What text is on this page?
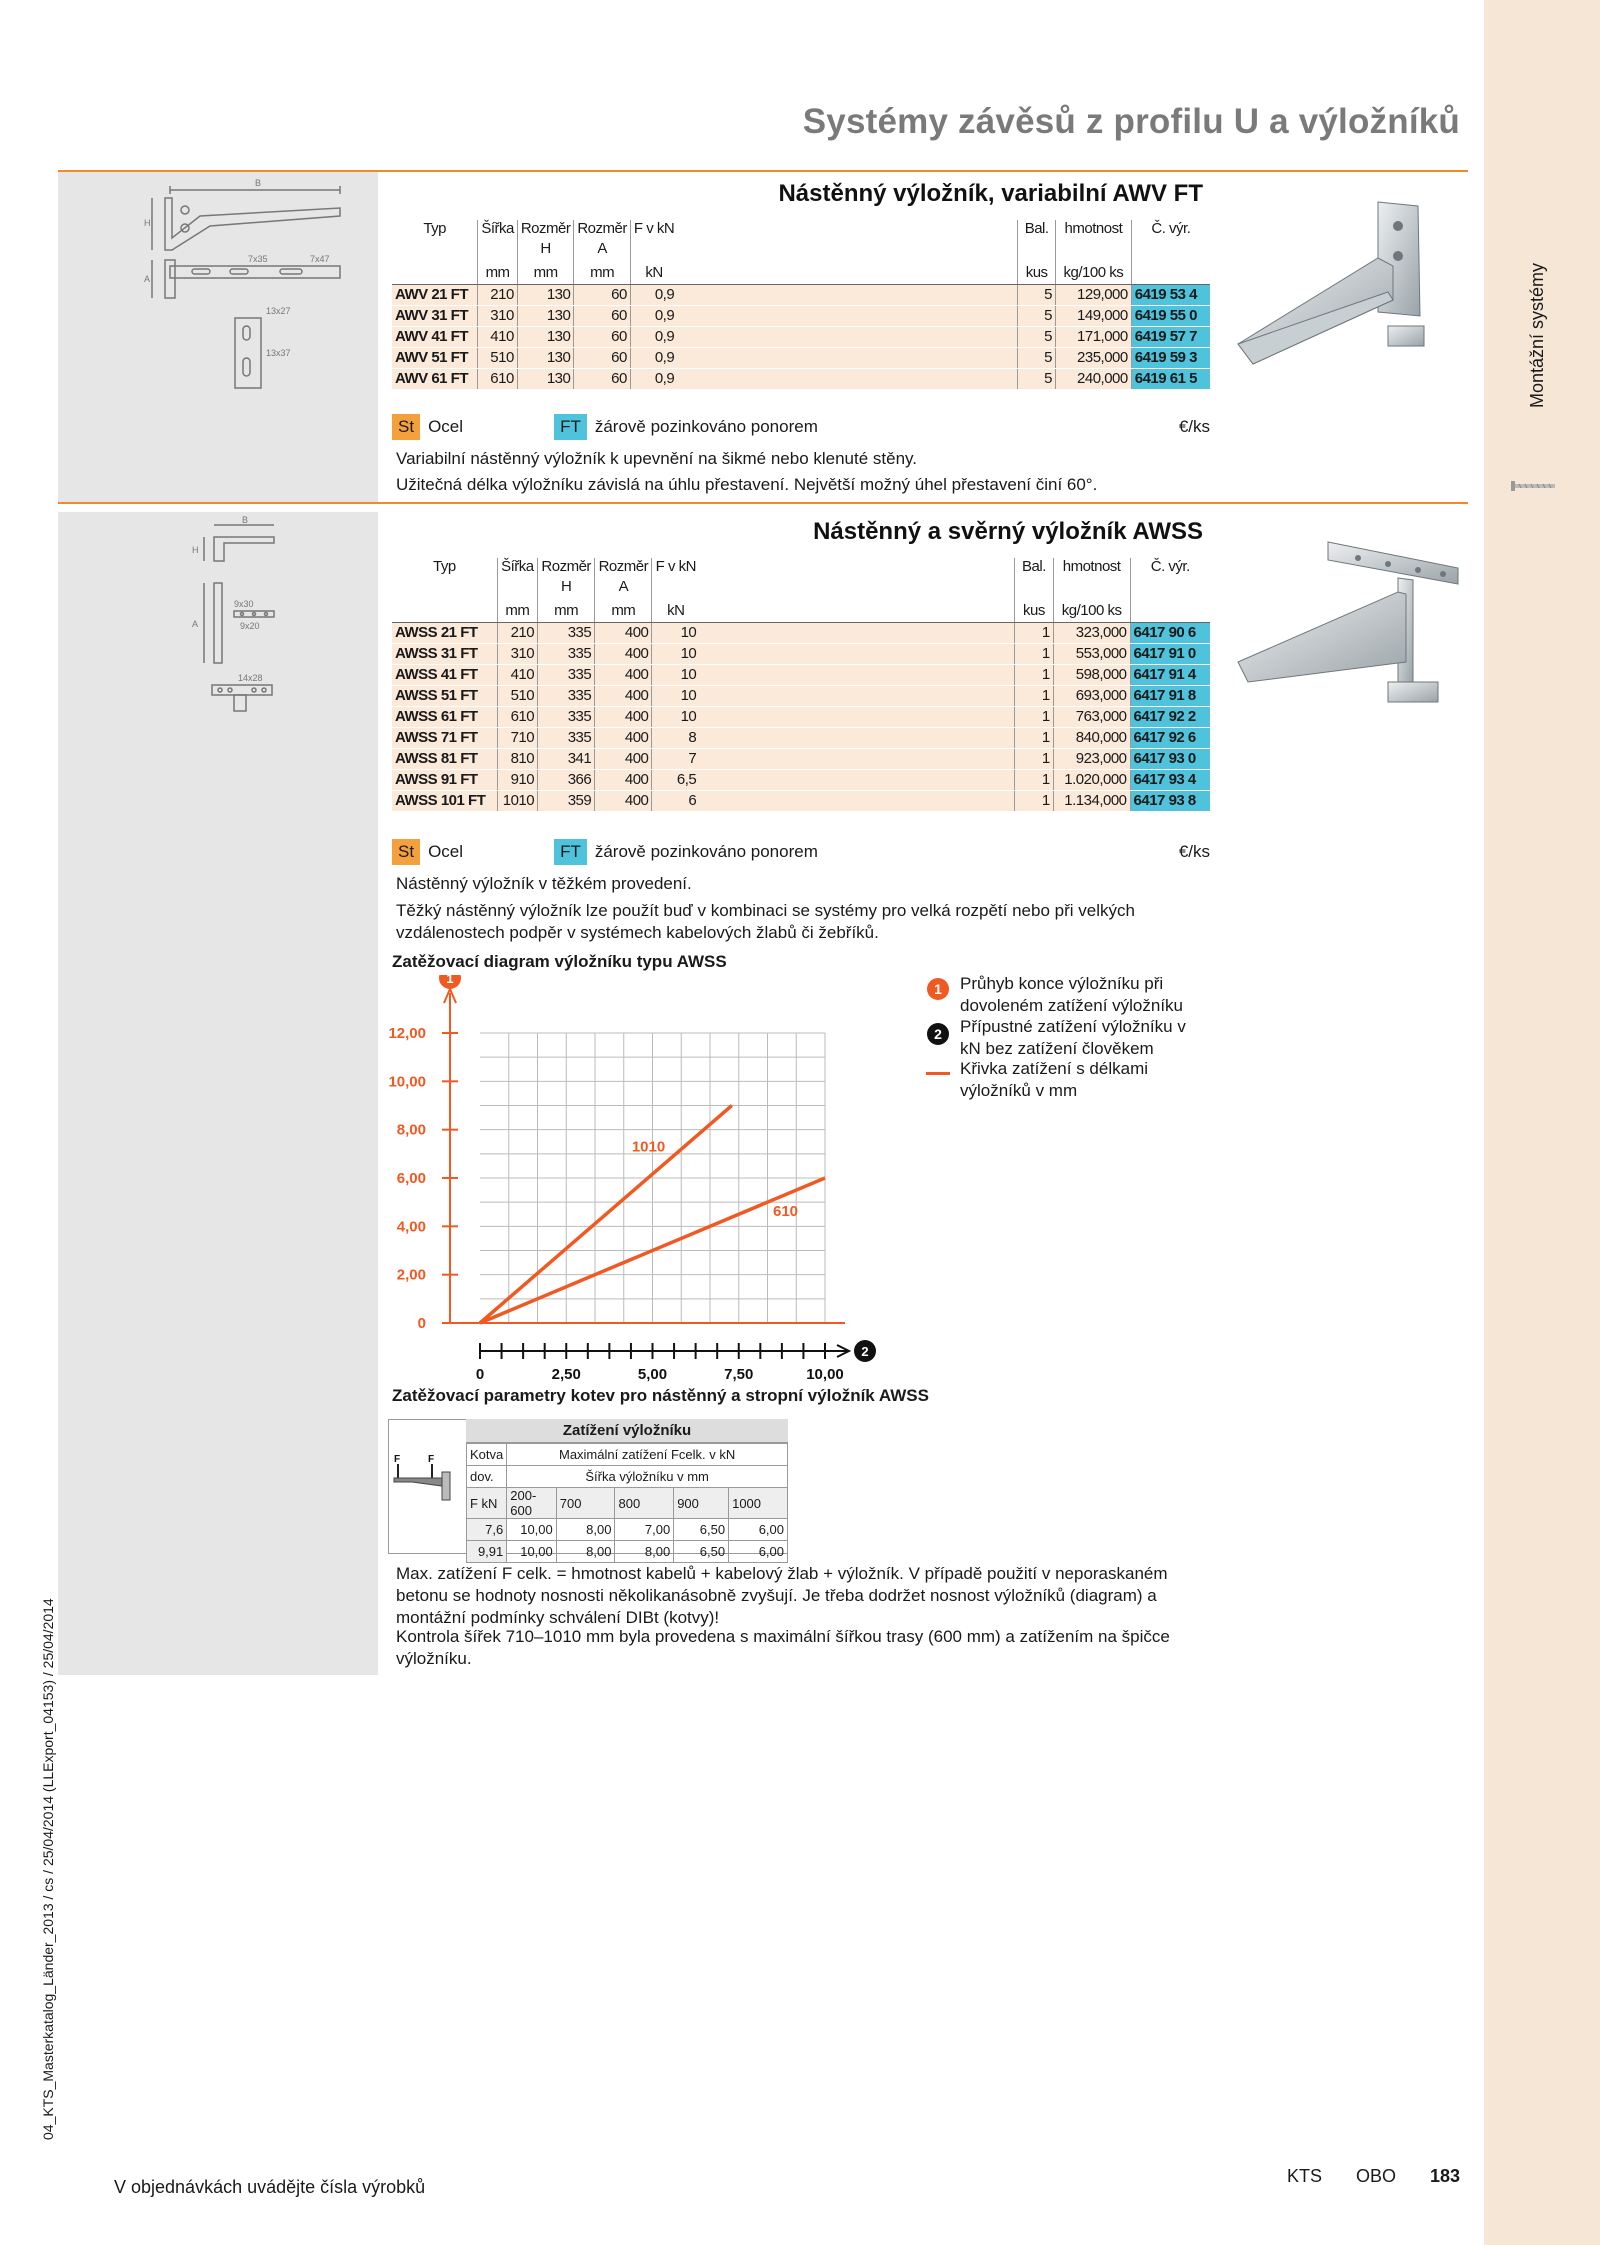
Montážní systémy
Systémy závěsů z profilu U a výložníků
B
H
A
7x35	7x47
13x27
13x37
Nástěnný výložník, variabilní AWV FT
Typ	Šířka	Rozměr	Rozměr	F v kN		Bal.	hmotnost	Č. výr.
		H	A					
	mm	mm	mm	kN		kus	kg/100 ks	
AWV 21 FT	210	130	60	0,9		5	129,000	6419 53 4
AWV 31 FT	310	130	60	0,9		5	149,000	6419 55 0
AWV 41 FT	410	130	60	0,9		5	171,000	6419 57 7
AWV 51 FT	510	130	60	0,9		5	235,000	6419 59 3
AWV 61 FT	610	130	60	0,9		5	240,000	6419 61 5
St Ocel	FT žárově pozinkováno ponorem	€/ks
Variabilní nástěnný výložník k upevnění na šikmé nebo klenuté stěny.
Užitečná délka výložníku závislá na úhlu přestavení. Největší možný úhel přestavení činí 60°.
B
H
A
9x30
9x20
14x28
Nástěnný a svěrný výložník AWSS
Typ	Šířka	Rozměr	Rozměr	F v kN		Bal.	hmotnost	Č. výr.
		H	A					
	mm	mm	mm	kN		kus	kg/100 ks	
AWSS 21 FT	210	335	400	10		1	323,000	6417 90 6
AWSS 31 FT	310	335	400	10		1	553,000	6417 91 0
AWSS 41 FT	410	335	400	10		1	598,000	6417 91 4
AWSS 51 FT	510	335	400	10		1	693,000	6417 91 8
AWSS 61 FT	610	335	400	10		1	763,000	6417 92 2
AWSS 71 FT	710	335	400	8		1	840,000	6417 92 6
AWSS 81 FT	810	341	400	7		1	923,000	6417 93 0
AWSS 91 FT	910	366	400	6,5		1	1.020,000	6417 93 4
AWSS 101 FT	1010	359	400	6		1	1.134,000	6417 93 8
St Ocel	FT žárově pozinkováno ponorem	€/ks
Nástěnný výložník v těžkém provedení.
Těžký nástěnný výložník lze použít buď v kombinaci se systémy pro velká rozpětí nebo při velkých vzdálenostech podpěr v systémech kabelových žlabů či žebříků.
Zatěžovací diagram výložníku typu AWSS
0
2,00
4,00
6,00
8,00
10,00
12,00
1
0	2,50	5,00	7,50	10,00
2
1010
610
1	Průhyb konce výložníku při dovoleném zatížení výložníku
2	Přípustné zatížení výložníku v kN bez zatížení člověkem
Křivka zatížení s délkami výložníků v mm
Zatěžovací parametry kotev pro nástěnný a stropní výložník AWSS
Zatížení výložníku
F	F	Kotva	Maximální zatížení Fcelk. v kN				
dov.	Šířka výložníku v mm				
F kN	200-600	700	800	900	1000
7,6	10,00	8,00	7,00	6,50	6,00
9,91	10,00	8,00	8,00	6,50	6,00
Max. zatížení F celk. = hmotnost kabelů + kabelový žlab + výložník. V případě použití v neporaskaném betonu se hodnoty nosnosti několikanásobně zvyšují. Je třeba dodržet nosnost výložníků (diagram) a montážní podmínky schválení DIBt (kotvy)!
Kontrola šířek 710–1010 mm byla provedena s maximální šířkou trasy (600 mm) a zatížením na špičce výložníku.
04_KTS_Masterkatalog_Länder_2013 / cs / 25/04/2014 (LLExport_04153) / 25/04/2014
V objednávkách uvádějte čísla výrobků
KTS OBO 183
